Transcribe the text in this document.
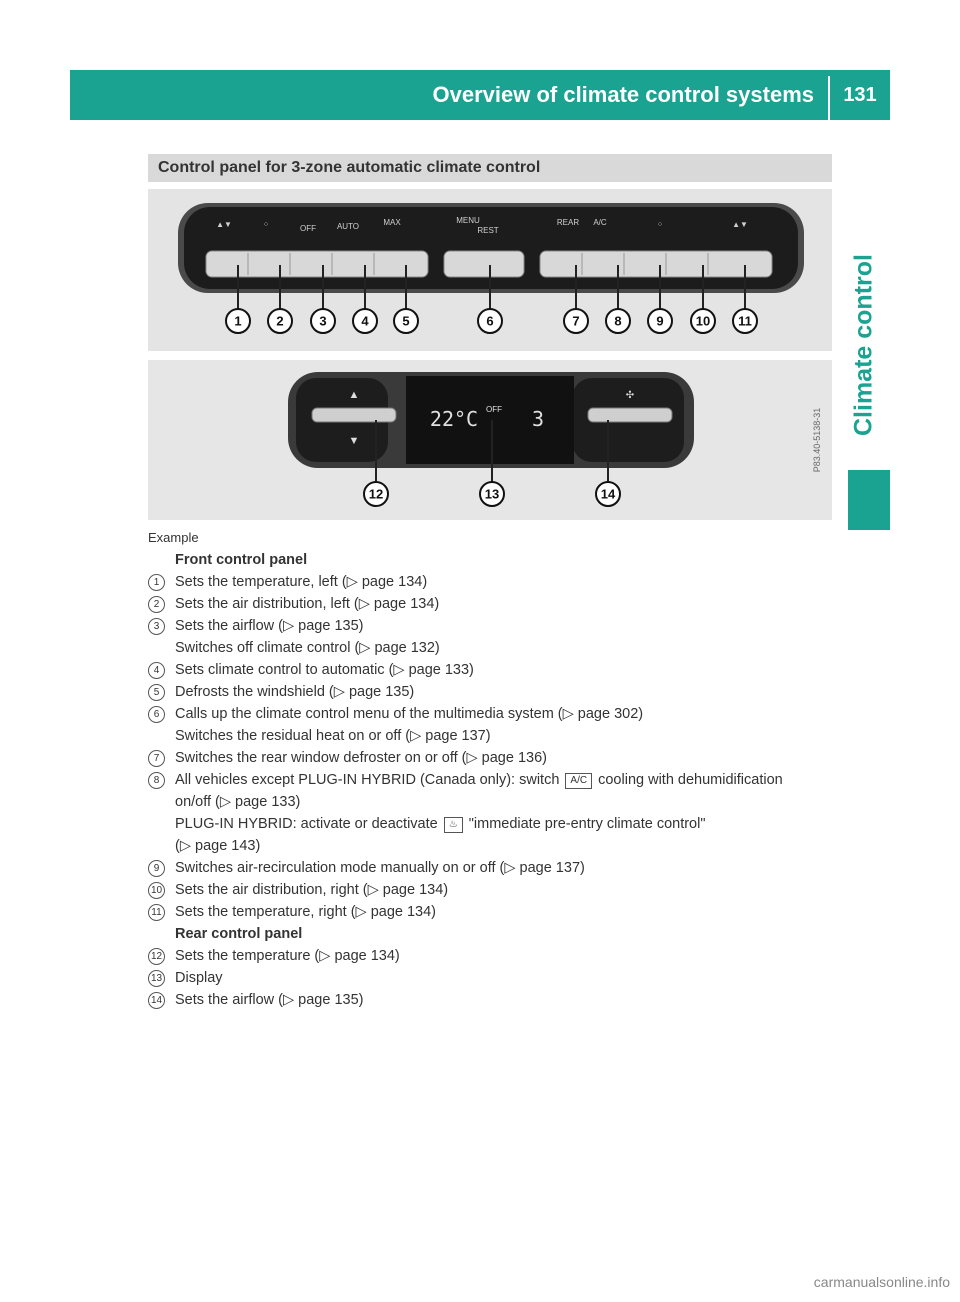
Overview of climate control systems	131
Climate control
Control panel for 3-zone automatic climate control
▲▼	⁘	OFF	AUTO	MAX	MENU
REST
REAR A/C	⁘	▲▼
1	2	3	4	5	6	7	8	9 10 11
▲
▼
✣
22°C OFF 3
12	13	14
P83.40-5138-31
Example
Front control panel
1	Sets the temperature, left (▷ page 134)
2	Sets the air distribution, left (▷ page 134)
3	Sets the airflow (▷ page 135)
Switches off climate control (▷ page 132)
4	Sets climate control to automatic (▷ page 133)
5	Defrosts the windshield (▷ page 135)
6	Calls up the climate control menu of the multimedia system (▷ page 302)
Switches the residual heat on or off (▷ page 137)
7	Switches the rear window defroster on or off (▷ page 136)
8	All vehicles except PLUG-IN HYBRID (Canada only): switch A/C cooling with dehumidification
on/off (▷ page 133)
PLUG-IN HYBRID: activate or deactivate ♨ "immediate pre-entry climate control"
(▷ page 143)
9	Switches air-recirculation mode manually on or off (▷ page 137)
10 Sets the air distribution, right (▷ page 134)
11 Sets the temperature, right (▷ page 134)
Rear control panel
12 Sets the temperature (▷ page 134)
13 Display
14 Sets the airflow (▷ page 135)
carmanualsonline.info
